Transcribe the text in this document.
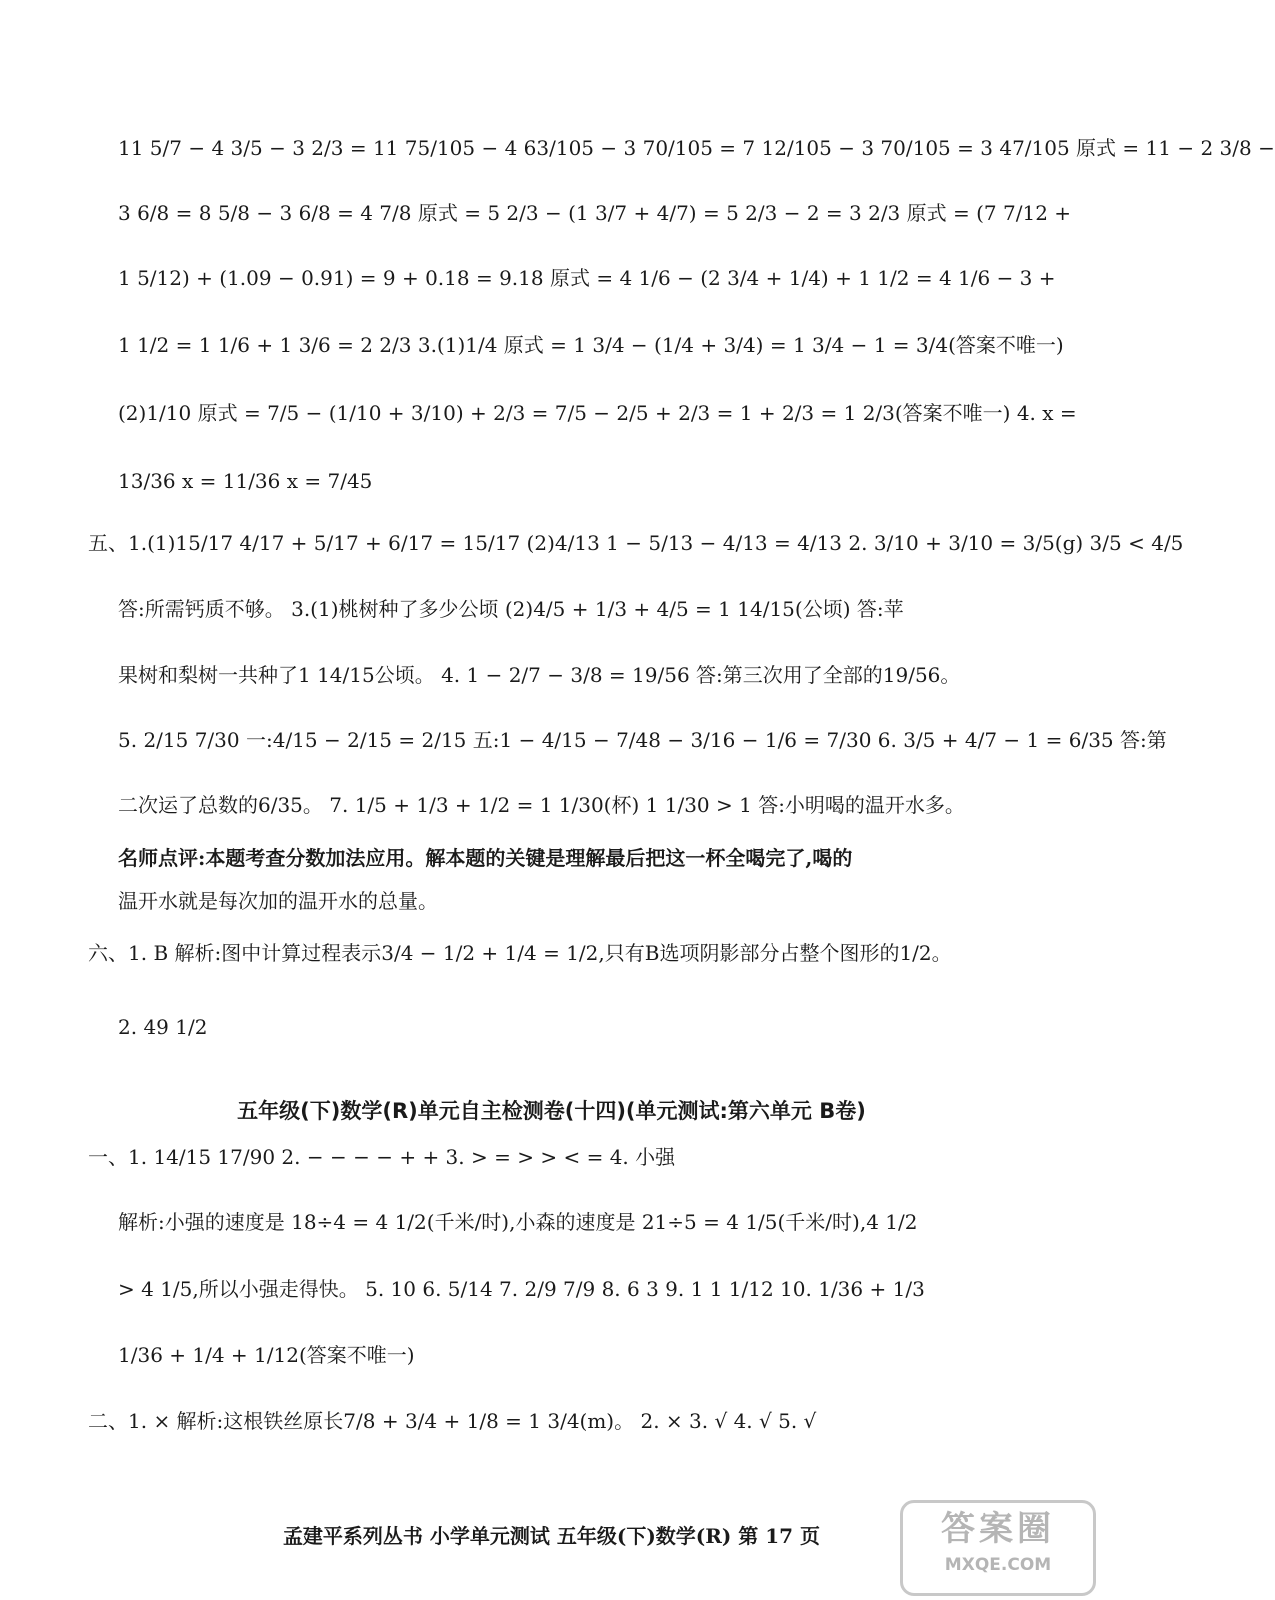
11 5/7 − 4 3/5 − 3 2/3 = 11 75/105 − 4 63/105 − 3 70/105 = 7 12/105 − 3 70/105 = 3 47/105 原式 = 11 − 2 3/8 −
3 6/8 = 8 5/8 − 3 6/8 = 4 7/8 原式 = 5 2/3 − (1 3/7 + 4/7) = 5 2/3 − 2 = 3 2/3 原式 = (7 7/12 +
1 5/12) + (1.09 − 0.91) = 9 + 0.18 = 9.18 原式 = 4 1/6 − (2 3/4 + 1/4) + 1 1/2 = 4 1/6 − 3 +
1 1/2 = 1 1/6 + 1 3/6 = 2 2/3 3.(1)1/4 原式 = 1 3/4 − (1/4 + 3/4) = 1 3/4 − 1 = 3/4(答案不唯一)
(2)1/10 原式 = 7/5 − (1/10 + 3/10) + 2/3 = 7/5 − 2/5 + 2/3 = 1 + 2/3 = 1 2/3(答案不唯一) 4. x =
13/36 x = 11/36 x = 7/45
五、1.(1)15/17 4/17 + 5/17 + 6/17 = 15/17 (2)4/13 1 − 5/13 − 4/13 = 4/13 2. 3/10 + 3/10 = 3/5(g) 3/5 < 4/5
答:所需钙质不够。 3.(1)桃树种了多少公顷 (2)4/5 + 1/3 + 4/5 = 1 14/15(公顷) 答:苹
果树和梨树一共种了1 14/15公顷。 4. 1 − 2/7 − 3/8 = 19/56 答:第三次用了全部的19/56。
5. 2/15 7/30 一:4/15 − 2/15 = 2/15 五:1 − 4/15 − 7/48 − 3/16 − 1/6 = 7/30 6. 3/5 + 4/7 − 1 = 6/35 答:第
二次运了总数的6/35。 7. 1/5 + 1/3 + 1/2 = 1 1/30(杯) 1 1/30 > 1 答:小明喝的温开水多。
名师点评:本题考查分数加法应用。解本题的关键是理解最后把这一杯全喝完了,喝的
温开水就是每次加的温开水的总量。
六、1. B 解析:图中计算过程表示3/4 − 1/2 + 1/4 = 1/2,只有B选项阴影部分占整个图形的1/2。
2. 49 1/2
五年级(下)数学(R)单元自主检测卷(十四)(单元测试:第六单元 B卷)
一、1. 14/15 17/90 2. − − − − + + 3. > = > > < = 4. 小强
解析:小强的速度是 18÷4 = 4 1/2(千米/时),小森的速度是 21÷5 = 4 1/5(千米/时),4 1/2
> 4 1/5,所以小强走得快。 5. 10 6. 5/14 7. 2/9 7/9 8. 6 3 9. 1 1 1/12 10. 1/36 + 1/3
1/36 + 1/4 + 1/12(答案不唯一)
二、1. × 解析:这根铁丝原长7/8 + 3/4 + 1/8 = 1 3/4(m)。 2. × 3. √ 4. √ 5. √
孟建平系列丛书 小学单元测试 五年级(下)数学(R) 第 17 页	答案圈
MXQE.COM
